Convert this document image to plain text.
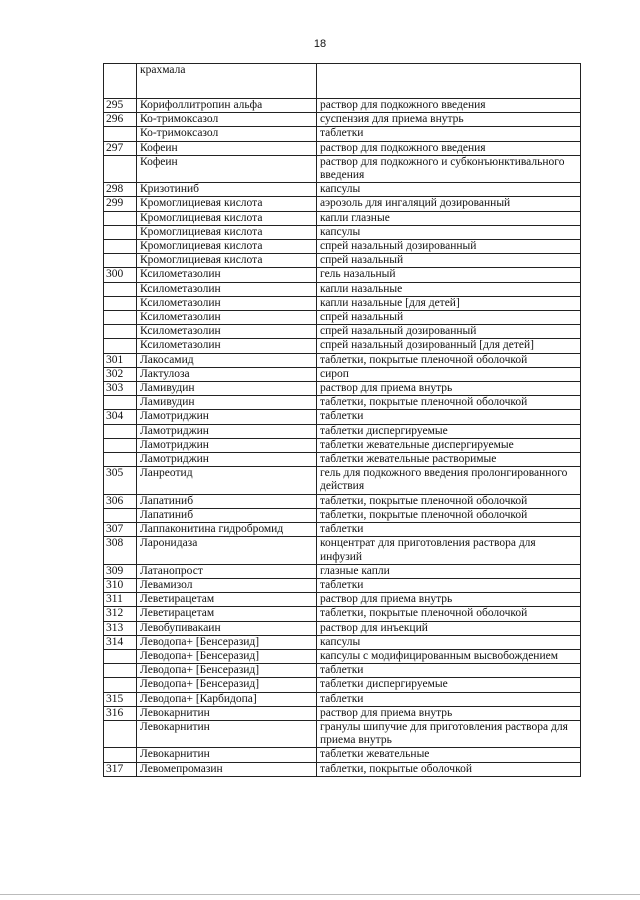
18
	крахмала	
295	Корифоллитропин альфа	раствор для подкожного введения
296	Ко-тримоксазол	суспензия для приема внутрь
	Ко-тримоксазол	таблетки
297	Кофеин	раствор для подкожного введения
	Кофеин	раствор для подкожного и субконъюнктивального введения
298	Кризотиниб	капсулы
299	Кромоглициевая кислота	аэрозоль для ингаляций дозированный
	Кромоглициевая кислота	капли глазные
	Кромоглициевая кислота	капсулы
	Кромоглициевая кислота	спрей назальный дозированный
	Кромоглициевая кислота	спрей назальный
300	Ксилометазолин	гель назальный
	Ксилометазолин	капли назальные
	Ксилометазолин	капли назальные [для детей]
	Ксилометазолин	спрей назальный
	Ксилометазолин	спрей назальный дозированный
	Ксилометазолин	спрей назальный дозированный [для детей]
301	Лакосамид	таблетки, покрытые пленочной оболочкой
302	Лактулоза	сироп
303	Ламивудин	раствор для приема внутрь
	Ламивудин	таблетки, покрытые пленочной оболочкой
304	Ламотриджин	таблетки
	Ламотриджин	таблетки диспергируемые
	Ламотриджин	таблетки жевательные диспергируемые
	Ламотриджин	таблетки жевательные растворимые
305	Ланреотид	гель для подкожного введения пролонгированного действия
306	Лапатиниб	таблетки, покрытые пленочной оболочкой
	Лапатиниб	таблетки, покрытые пленочной оболочкой
307	Лаппаконитина гидробромид	таблетки
308	Ларонидаза	концентрат для приготовления раствора для инфузий
309	Латанопрост	глазные капли
310	Левамизол	таблетки
311	Леветирацетам	раствор для приема внутрь
312	Леветирацетам	таблетки, покрытые пленочной оболочкой
313	Левобупивакаин	раствор для инъекций
314	Леводопа+ [Бенсеразид]	капсулы
	Леводопа+ [Бенсеразид]	капсулы с модифицированным высвобождением
	Леводопа+ [Бенсеразид]	таблетки
	Леводопа+ [Бенсеразид]	таблетки диспергируемые
315	Леводопа+ [Карбидопа]	таблетки
316	Левокарнитин	раствор для приема внутрь
	Левокарнитин	гранулы шипучие для приготовления раствора для приема внутрь
	Левокарнитин	таблетки жевательные
317	Левомепромазин	таблетки, покрытые оболочкой
